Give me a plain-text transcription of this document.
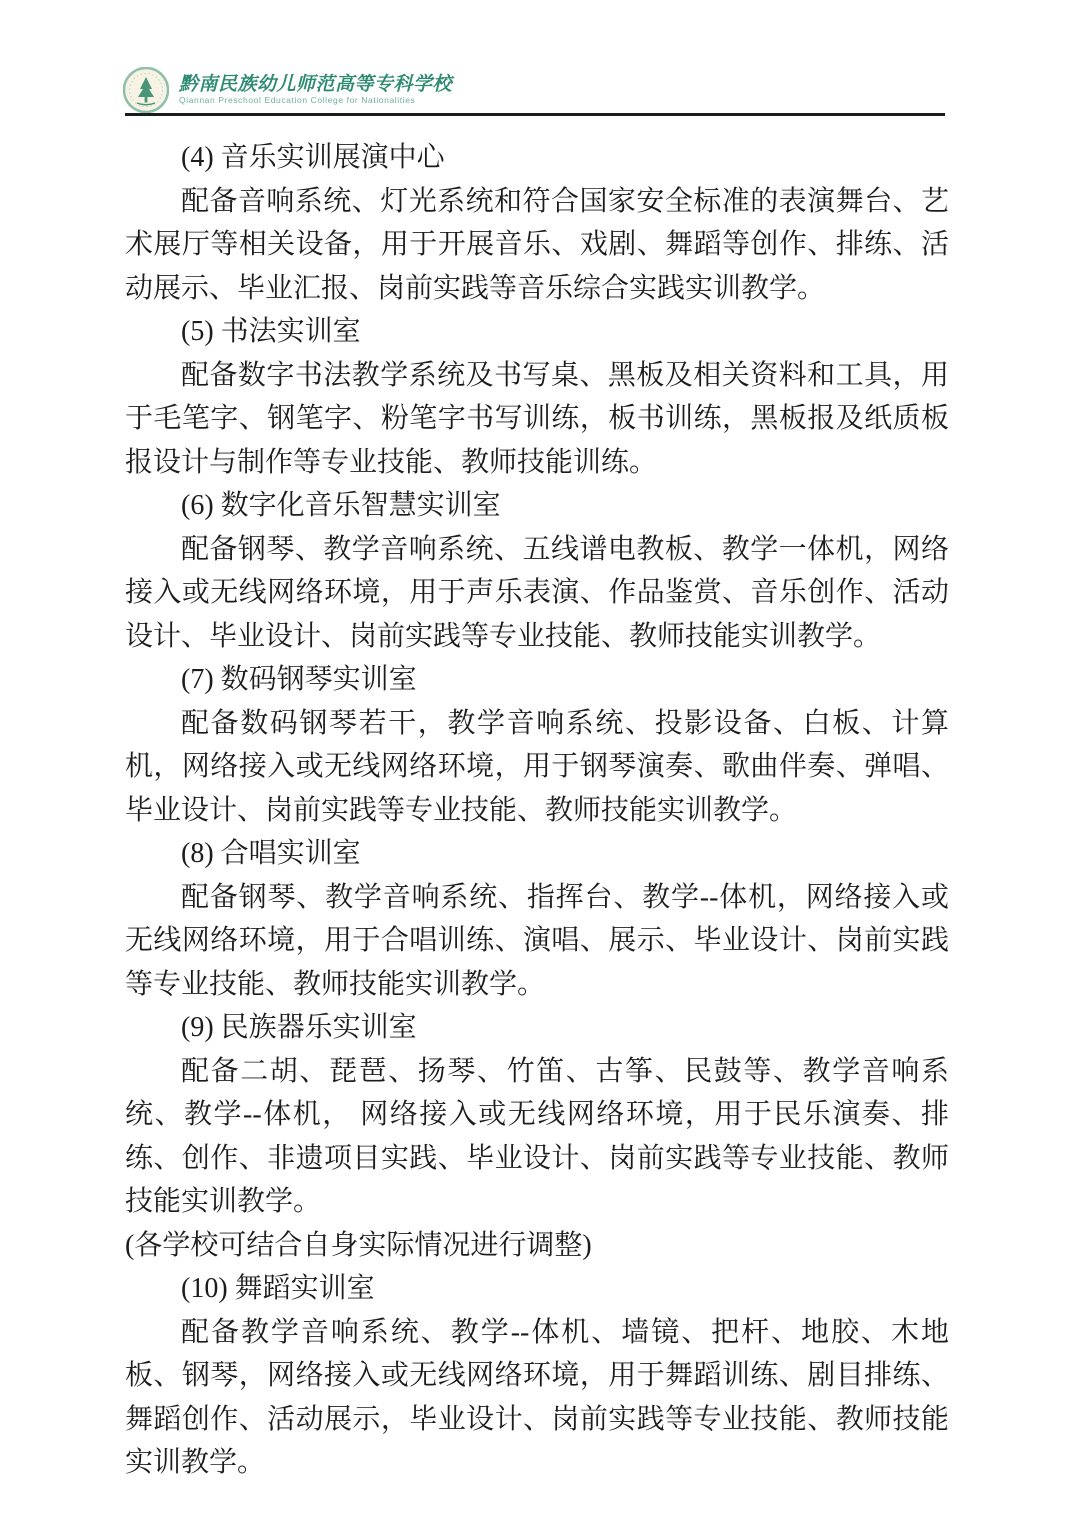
黔南民族幼儿师范高等专科学校
Qiannan Preschool Education College for Nationalities

(4) 音乐实训展演中心

配备音响系统、灯光系统和符合国家安全标准的表演舞台、艺术展厅等相关设备，用于开展音乐、戏剧、舞蹈等创作、排练、活动展示、毕业汇报、岗前实践等音乐综合实践实训教学。

(5) 书法实训室

配备数字书法教学系统及书写桌、黑板及相关资料和工具，用于毛笔字、钢笔字、粉笔字书写训练，板书训练，黑板报及纸质板报设计与制作等专业技能、教师技能训练。

(6) 数字化音乐智慧实训室

配备钢琴、教学音响系统、五线谱电教板、教学一体机，网络接入或无线网络环境，用于声乐表演、作品鉴赏、音乐创作、活动设计、毕业设计、岗前实践等专业技能、教师技能实训教学。

(7) 数码钢琴实训室

配备数码钢琴若干，教学音响系统、投影设备、白板、计算机，网络接入或无线网络环境，用于钢琴演奏、歌曲伴奏、弹唱、毕业设计、岗前实践等专业技能、教师技能实训教学。

(8) 合唱实训室

配备钢琴、教学音响系统、指挥台、教学--体机，网络接入或无线网络环境，用于合唱训练、演唱、展示、毕业设计、岗前实践等专业技能、教师技能实训教学。

(9) 民族器乐实训室

配备二胡、琵琶、扬琴、竹笛、古筝、民鼓等、教学音响系统、教学--体机， 网络接入或无线网络环境，用于民乐演奏、排练、创作、非遗项目实践、毕业设计、岗前实践等专业技能、教师技能实训教学。

(各学校可结合自身实际情况进行调整)

(10) 舞蹈实训室

配备教学音响系统、教学--体机、墙镜、把杆、地胶、木地板、钢琴，网络接入或无线网络环境，用于舞蹈训练、剧目排练、舞蹈创作、活动展示，毕业设计、岗前实践等专业技能、教师技能实训教学。
